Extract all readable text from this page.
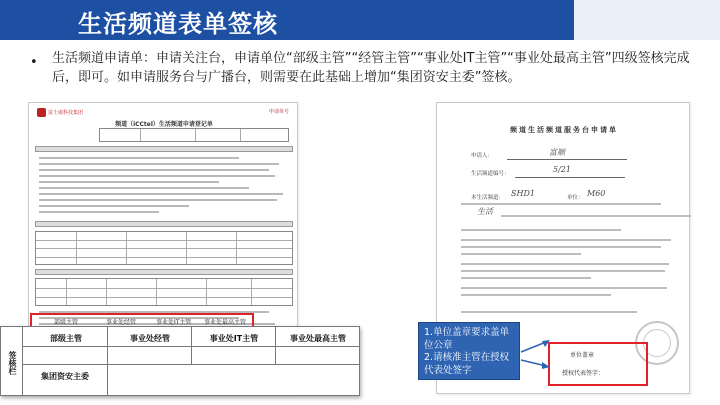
生活频道表单签核
• 生活频道申请单：申请关注台，申请单位“部级主管”“经管主管”“事业处IT主管”“事业处最高主管”四级签核完成后，即可。如申请服务台与广播台，则需要在此基础上增加“集团资安主委”签核。
富士康科技集团	申请单号
频道（iCCtel）生活频道申请登记单
部级主管	事业处经管	事业处IT主管 事业处最高主管
签核栏
部级主管	事业处经管	事业处IT主管	事业处最高主管
集团资安主委
频道生活频道服务台申请单
申请人：	富顺
生活频道编号：	5/21
本生活频道： SHD1	单位： M60
生活
单位盖章
授权代表签字：
1.单位盖章要求盖单位公章
2.请核准主管在授权代表处签字
